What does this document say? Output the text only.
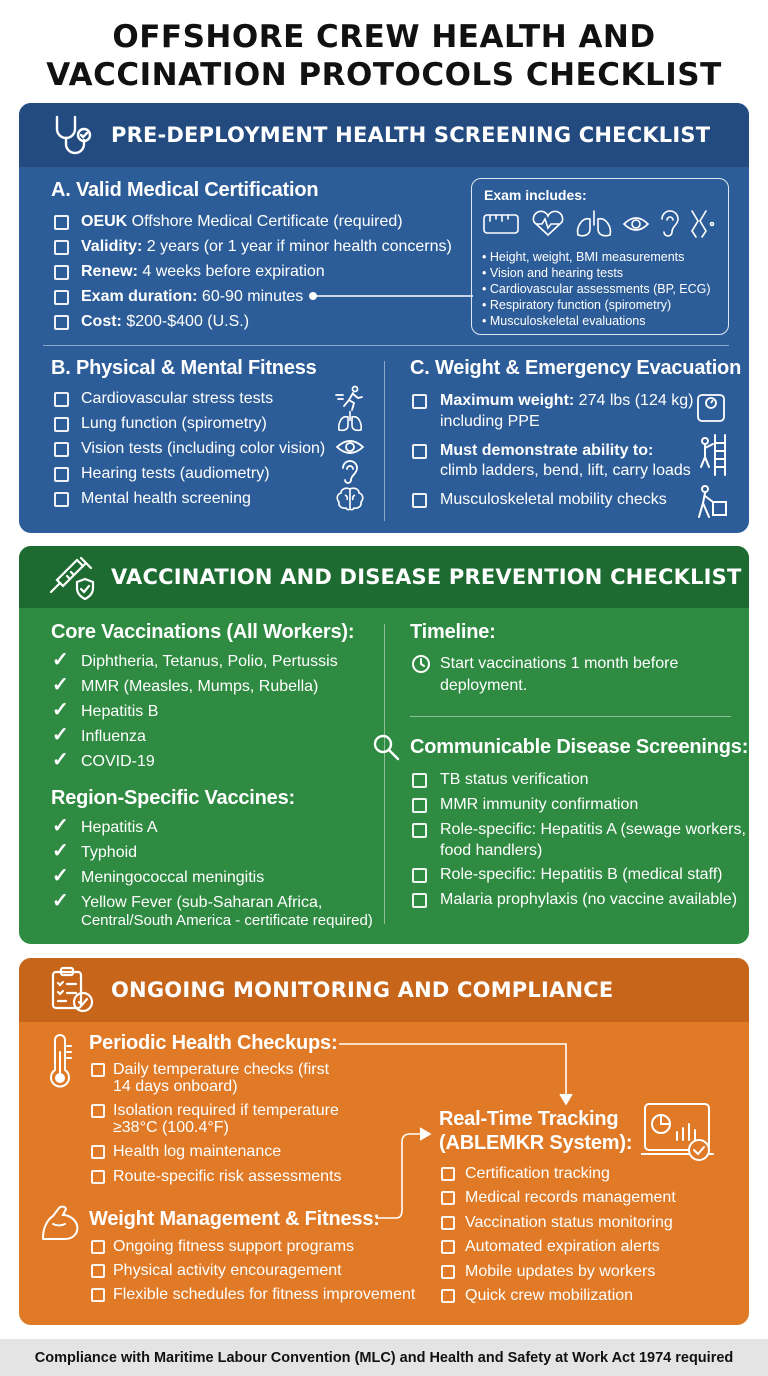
OFFSHORE CREW HEALTH AND
VACCINATION PROTOCOLS CHECKLIST
PRE-DEPLOYMENT HEALTH SCREENING CHECKLIST
A. Valid Medical Certification
OEUK Offshore Medical Certificate (required)
Validity: 2 years (or 1 year if minor health concerns)
Renew: 4 weeks before expiration
Exam duration: 60-90 minutes
Cost: $200-$400 (U.S.)
Exam includes:
• Height, weight, BMI measurements
• Vision and hearing tests
• Cardiovascular assessments (BP, ECG)
• Respiratory function (spirometry)
• Musculoskeletal evaluations
B. Physical & Mental Fitness
Cardiovascular stress tests
Lung function (spirometry)
Vision tests (including color vision)
Hearing tests (audiometry)
Mental health screening
C. Weight & Emergency Evacuation
Maximum weight: 274 lbs (124 kg)
including PPE
Must demonstrate ability to:
climb ladders, bend, lift, carry loads
Musculoskeletal mobility checks
VACCINATION AND DISEASE PREVENTION CHECKLIST
Core Vaccinations (All Workers):
✓ Diphtheria, Tetanus, Polio, Pertussis
✓ MMR (Measles, Mumps, Rubella)
✓ Hepatitis B
✓ Influenza
✓ COVID-19
Region-Specific Vaccines:
✓ Hepatitis A
✓ Typhoid
✓ Meningococcal meningitis
✓ Yellow Fever (sub-Saharan Africa,
Central/South America - certificate required)
Timeline:
Start vaccinations 1 month before
deployment.
Communicable Disease Screenings:
TB status verification
MMR immunity confirmation
Role-specific: Hepatitis A (sewage workers,
food handlers)
Role-specific: Hepatitis B (medical staff)
Malaria prophylaxis (no vaccine available)
ONGOING MONITORING AND COMPLIANCE
Periodic Health Checkups:
Daily temperature checks (first
14 days onboard)
Isolation required if temperature
≥38°C (100.4°F)
Health log maintenance
Route-specific risk assessments
Weight Management & Fitness:
Ongoing fitness support programs
Physical activity encouragement
Flexible schedules for fitness improvement
Real-Time Tracking
(ABLEMKR System):
Certification tracking
Medical records management
Vaccination status monitoring
Automated expiration alerts
Mobile updates by workers
Quick crew mobilization
Compliance with Maritime Labour Convention (MLC) and Health and Safety at Work Act 1974 required
